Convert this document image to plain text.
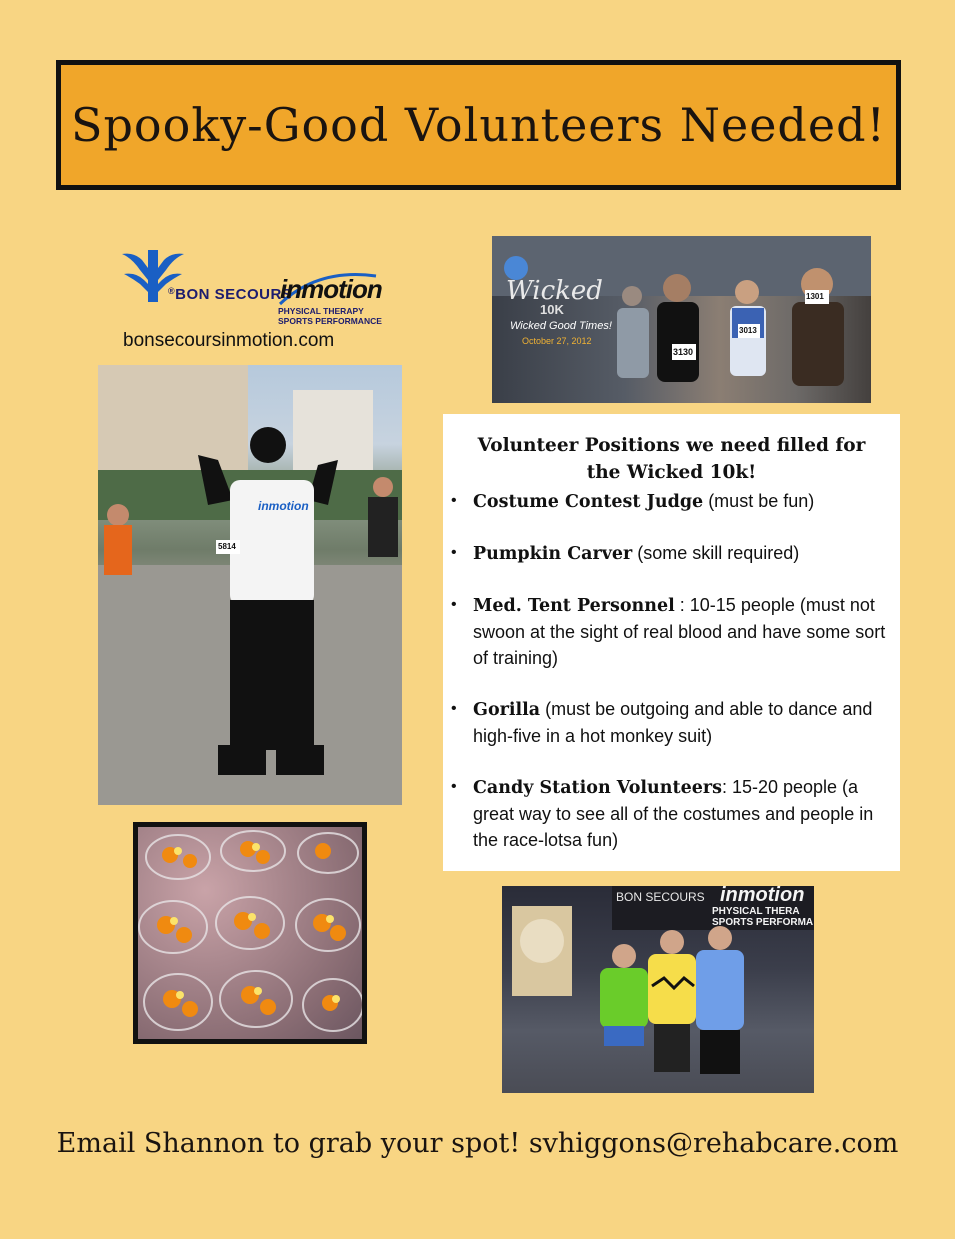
Spooky-Good Volunteers Needed!
®BON SECOURS
inmotion
PHYSICAL THERAPY
SPORTS PERFORMANCE
bonsecoursinmotion.com
Wicked
10K
Wicked Good Times!
October 27, 2012
3130
3013
1301
inmotion
5814
BON SECOURS inmotion
PHYSICAL THERA
SPORTS PERFORMA
Volunteer Positions we need filled for
the Wicked 10k!
• Costume Contest Judge (must be fun)
• Pumpkin Carver (some skill required)
• Med. Tent Personnel : 10-15 people (must not swoon at the sight of real blood and have some sort of training)
• Gorilla (must be outgoing and able to dance and high-five in a hot monkey suit)
• Candy Station Volunteers: 15-20 people (a great way to see all of the costumes and people in the race-lotsa fun)
Email Shannon to grab your spot! svhiggons@rehabcare.com
